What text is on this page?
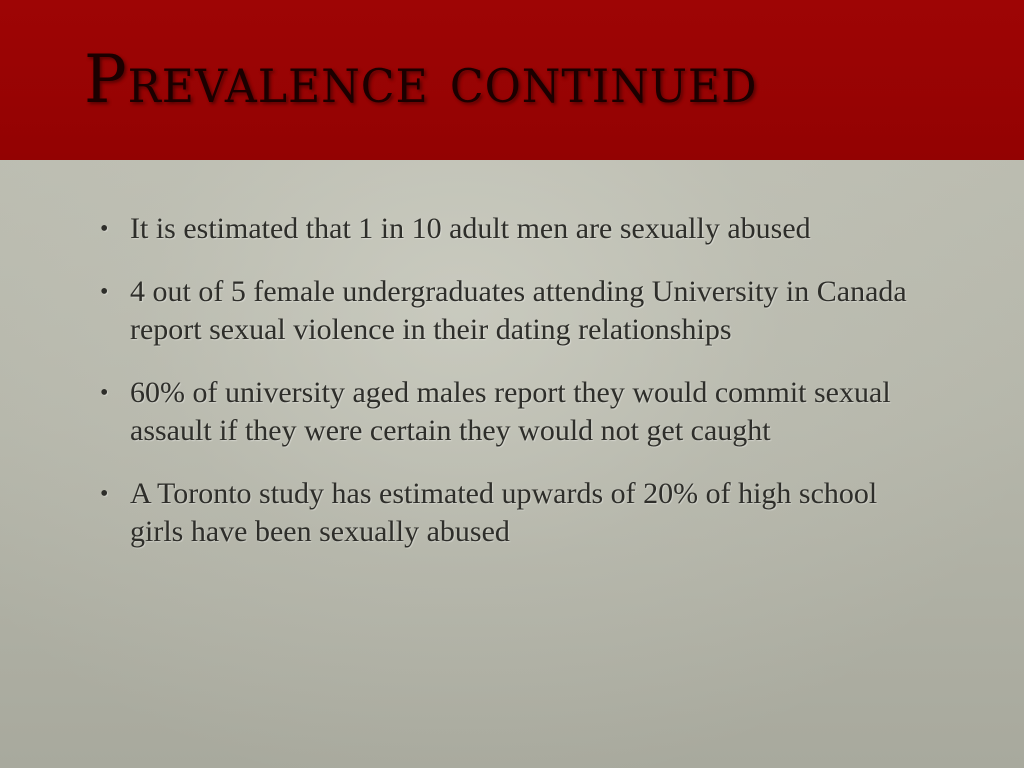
Prevalence continued
• It is estimated that 1 in 10 adult men are sexually abused
• 4 out of 5 female undergraduates attending University in Canada report sexual violence in their dating relationships
• 60% of university aged males report they would commit sexual assault if they were certain they would not get caught
• A Toronto study has estimated upwards of 20% of high school girls have been sexually abused
